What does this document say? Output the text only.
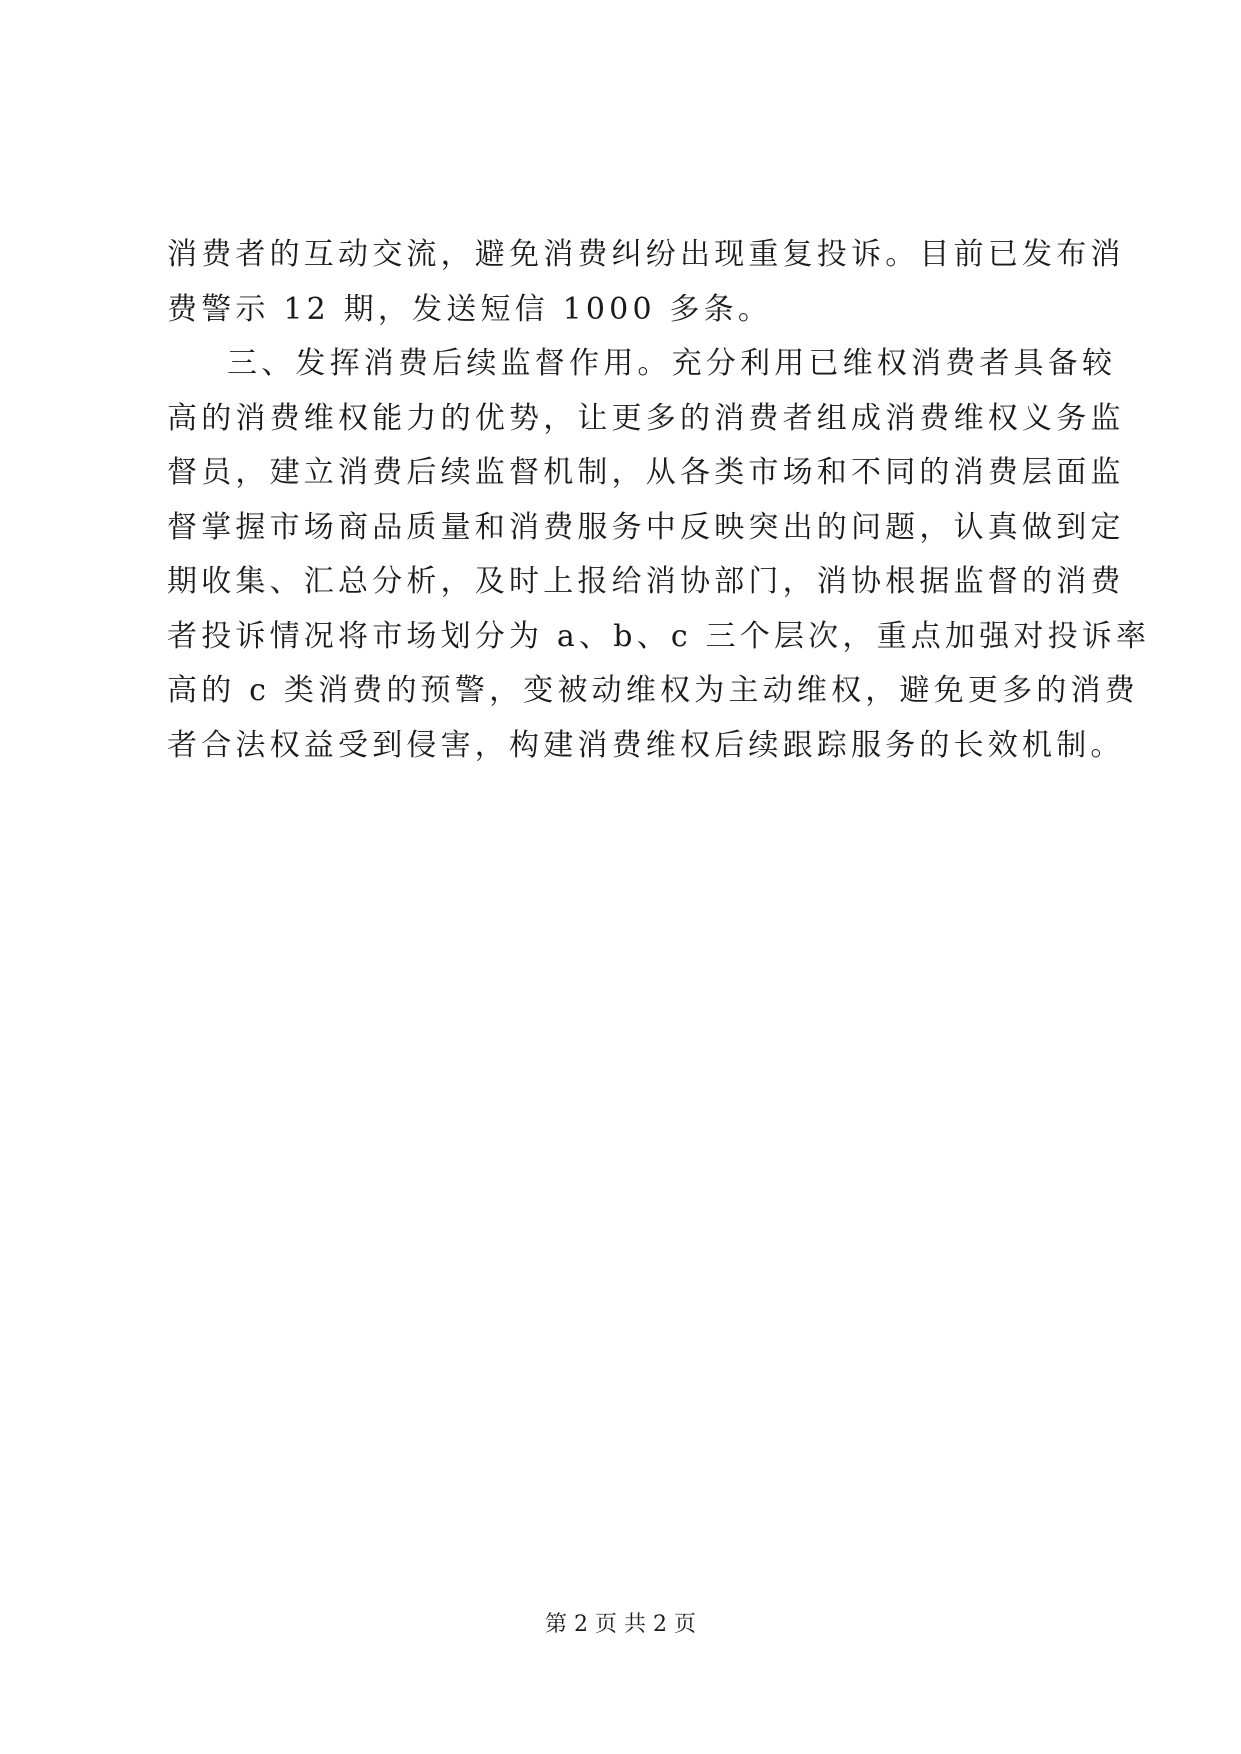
消费者的互动交流，避免消费纠纷出现重复投诉。目前已发布消
费警示 12 期，发送短信 1000 多条。
三、发挥消费后续监督作用。充分利用已维权消费者具备较
高的消费维权能力的优势，让更多的消费者组成消费维权义务监
督员，建立消费后续监督机制，从各类市场和不同的消费层面监
督掌握市场商品质量和消费服务中反映突出的问题，认真做到定
期收集、汇总分析，及时上报给消协部门，消协根据监督的消费
者投诉情况将市场划分为 a、b、c 三个层次，重点加强对投诉率
高的 c 类消费的预警，变被动维权为主动维权，避免更多的消费
者合法权益受到侵害，构建消费维权后续跟踪服务的长效机制。
第 2 页 共 2 页
